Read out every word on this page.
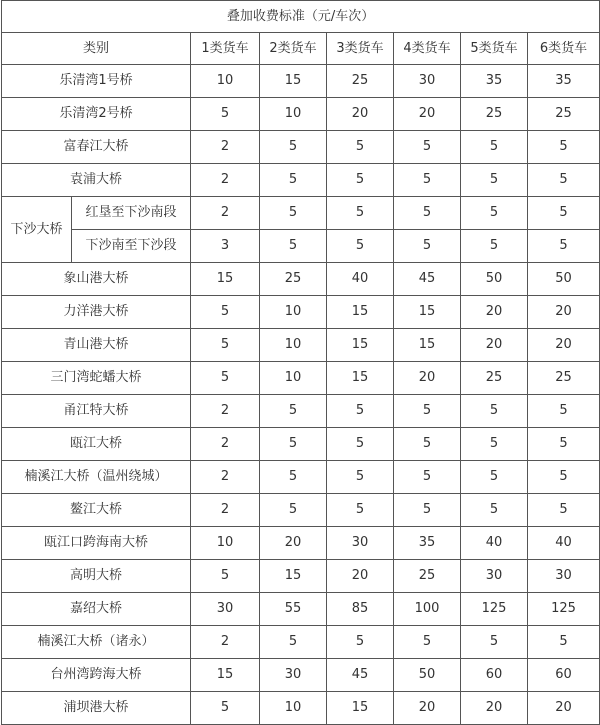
叠加收费标准（元/车次）							
类别		1类货车	2类货车	3类货车	4类货车	5类货车	6类货车
乐清湾1号桥		10	15	25	30	35	35
乐清湾2号桥		5	10	20	20	25	25
富春江大桥		2	5	5	5	5	5
袁浦大桥		2	5	5	5	5	5
下沙大桥	红垦至下沙南段	2	5	5	5	5	5
	下沙南至下沙段	3	5	5	5	5	5
象山港大桥		15	25	40	45	50	50
力洋港大桥		5	10	15	15	20	20
青山港大桥		5	10	15	15	20	20
三门湾蛇蟠大桥		5	10	15	20	25	25
甬江特大桥		2	5	5	5	5	5
瓯江大桥		2	5	5	5	5	5
楠溪江大桥（温州绕城）		2	5	5	5	5	5
鳌江大桥		2	5	5	5	5	5
瓯江口跨海南大桥		10	20	30	35	40	40
高明大桥		5	15	20	25	30	30
嘉绍大桥		30	55	85	100	125	125
楠溪江大桥（诸永）		2	5	5	5	5	5
台州湾跨海大桥		15	30	45	50	60	60
浦坝港大桥		5	10	15	20	20	20
